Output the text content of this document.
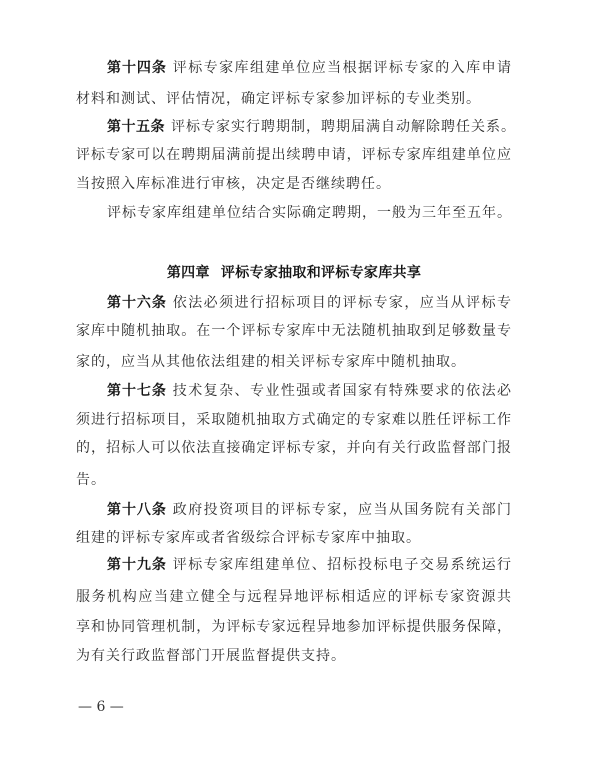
第十四条 评标专家库组建单位应当根据评标专家的入库申请
材料和测试、评估情况，确定评标专家参加评标的专业类别。
第十五条 评标专家实行聘期制，聘期届满自动解除聘任关系。
评标专家可以在聘期届满前提出续聘申请，评标专家库组建单位应
当按照入库标准进行审核，决定是否继续聘任。
评标专家库组建单位结合实际确定聘期，一般为三年至五年。
第四章 评标专家抽取和评标专家库共享
第十六条 依法必须进行招标项目的评标专家，应当从评标专
家库中随机抽取。在一个评标专家库中无法随机抽取到足够数量专
家的，应当从其他依法组建的相关评标专家库中随机抽取。
第十七条 技术复杂、专业性强或者国家有特殊要求的依法必
须进行招标项目，采取随机抽取方式确定的专家难以胜任评标工作
的，招标人可以依法直接确定评标专家，并向有关行政监督部门报
告。
第十八条 政府投资项目的评标专家，应当从国务院有关部门
组建的评标专家库或者省级综合评标专家库中抽取。
第十九条 评标专家库组建单位、招标投标电子交易系统运行
服务机构应当建立健全与远程异地评标相适应的评标专家资源共
享和协同管理机制，为评标专家远程异地参加评标提供服务保障，
为有关行政监督部门开展监督提供支持。
— 6 —
